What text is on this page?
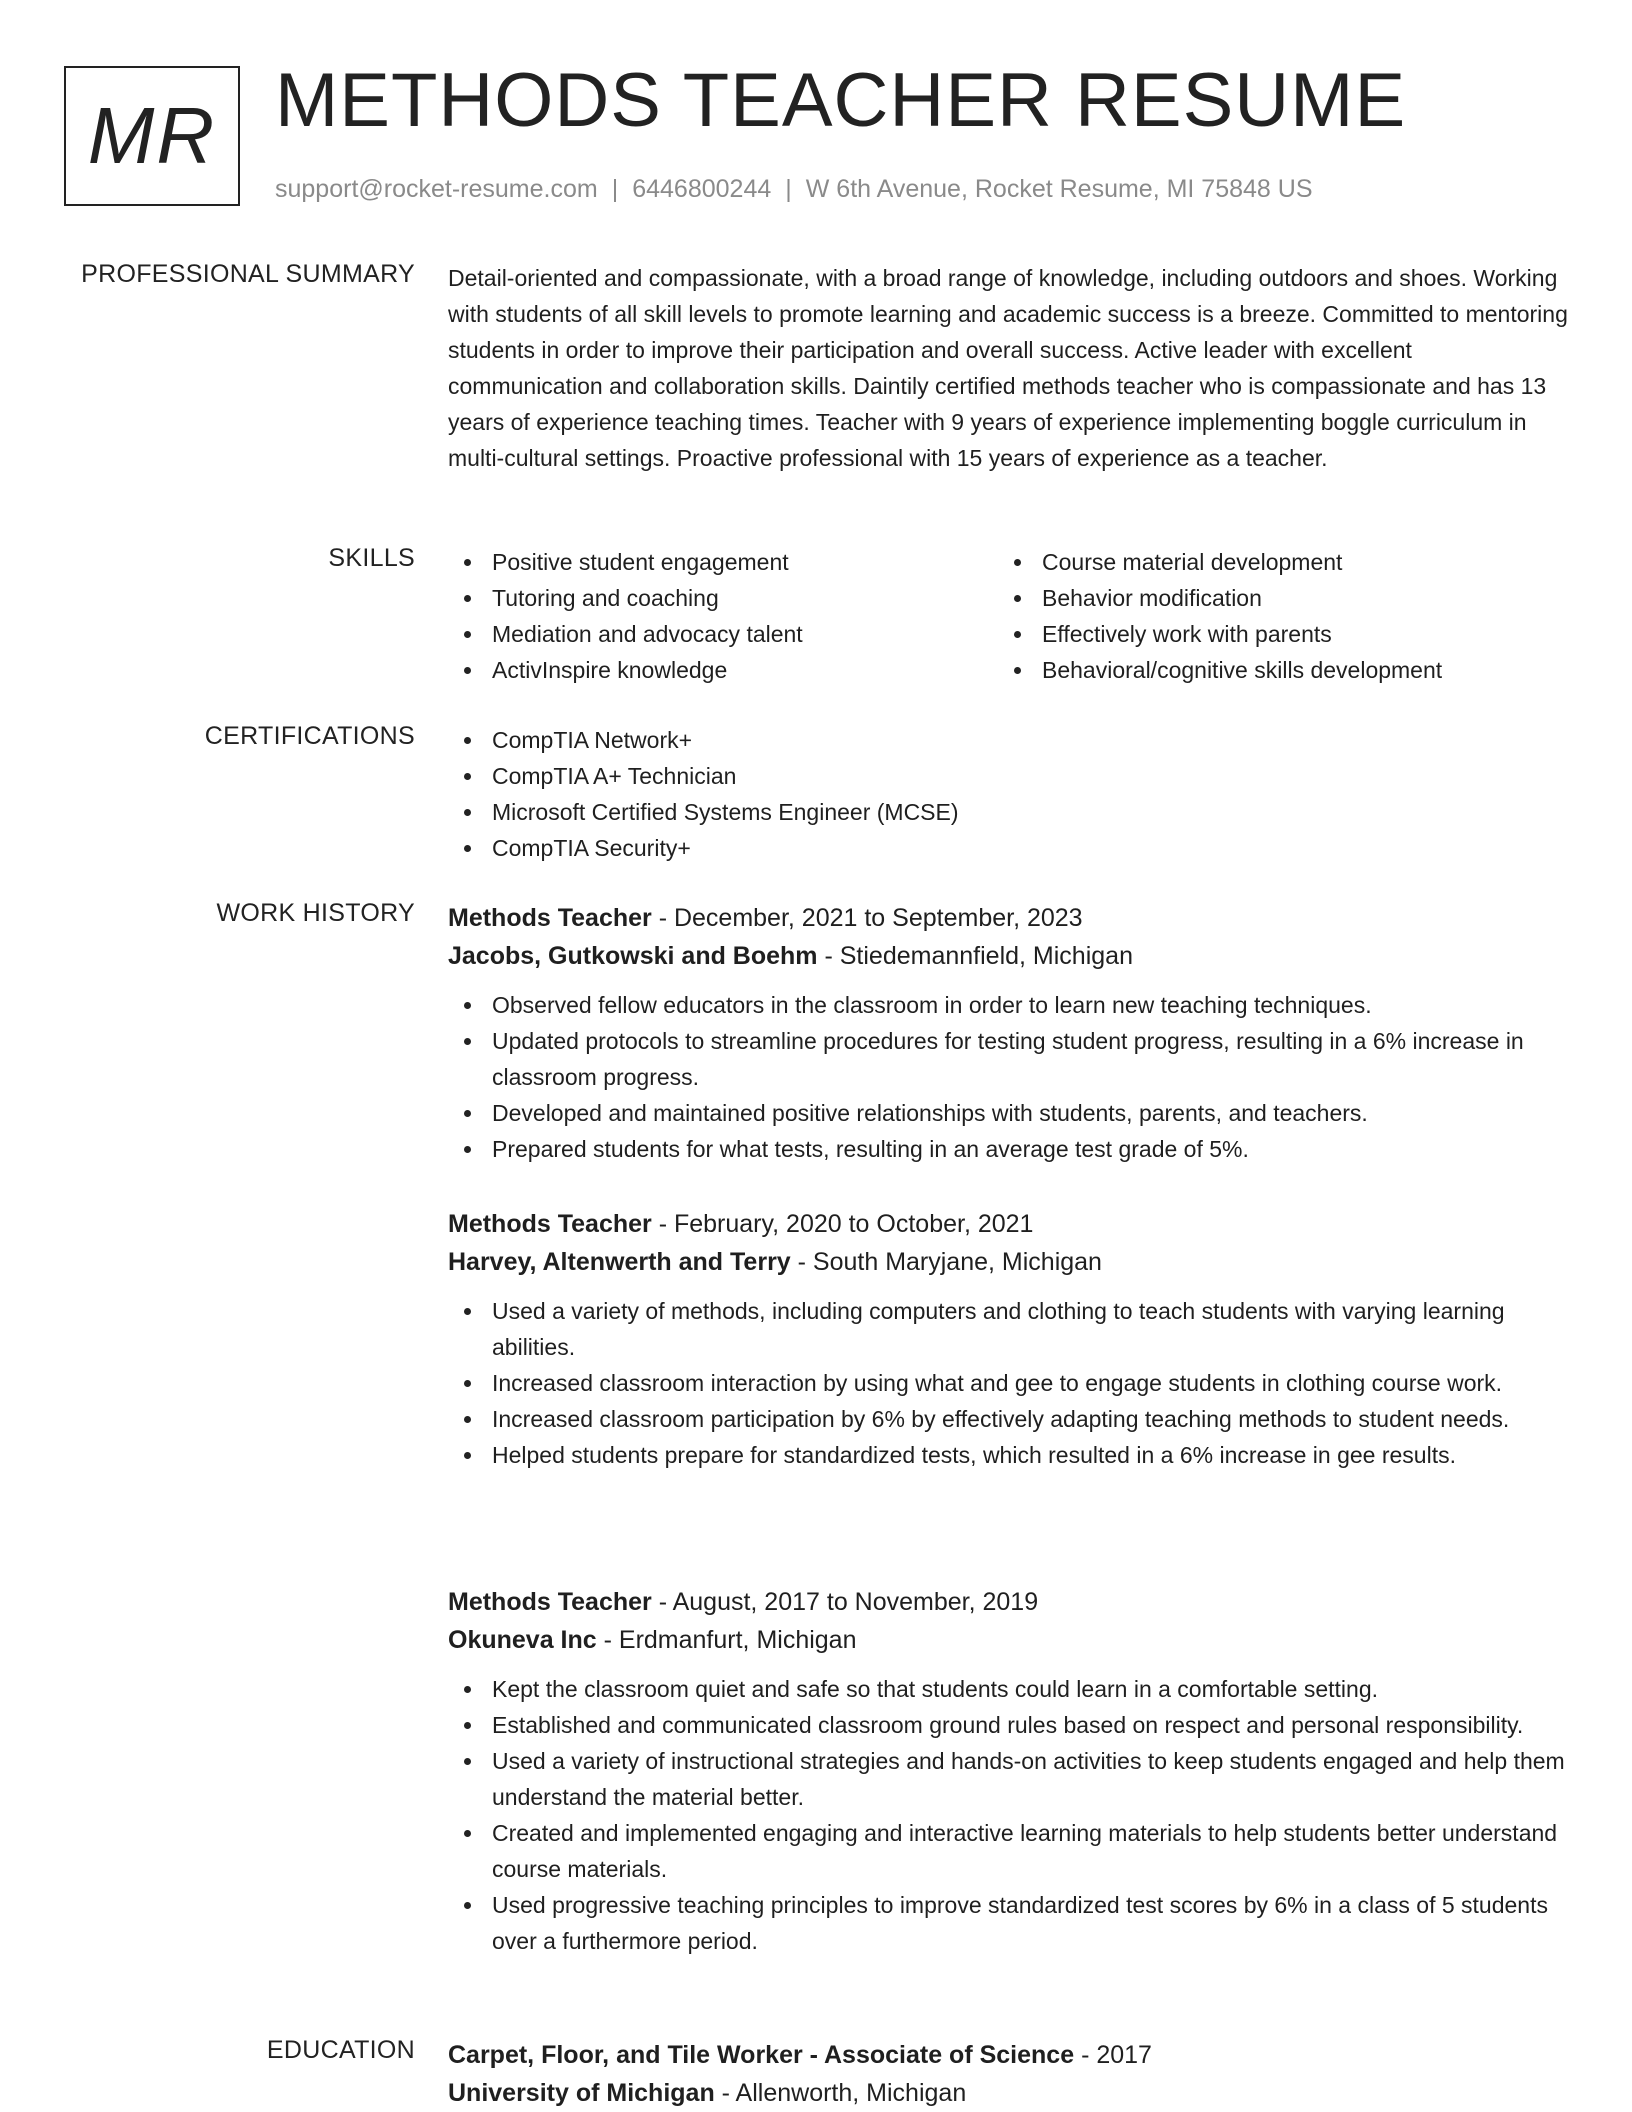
MR METHODS TEACHER RESUME
support@rocket-resume.com | 6446800244 | W 6th Avenue, Rocket Resume, MI 75848 US
PROFESSIONAL SUMMARY Detail-oriented and compassionate, with a broad range of knowledge, including outdoors and shoes. Working with students of all skill levels to promote learning and academic success is a breeze. Committed to mentoring students in order to improve their participation and overall success. Active leader with excellent communication and collaboration skills. Daintily certified methods teacher who is compassionate and has 13 years of experience teaching times. Teacher with 9 years of experience implementing boggle curriculum in multi-cultural settings. Proactive professional with 15 years of experience as a teacher.

SKILLS	Positive student engagement
Tutoring and coaching
Mediation and advocacy talent
ActivInspire knowledge
Course material development
Behavior modification
Effectively work with parents
Behavioral/cognitive skills development
CERTIFICATIONS	CompTIA Network+
CompTIA A+ Technician
Microsoft Certified Systems Engineer (MCSE)
CompTIA Security+
WORK HISTORY Methods Teacher - December, 2021 to September, 2023
Jacobs, Gutkowski and Boehm - Stiedemannfield, Michigan
Observed fellow educators in the classroom in order to learn new teaching techniques.
Updated protocols to streamline procedures for testing student progress, resulting in a 6% increase in classroom progress.
Developed and maintained positive relationships with students, parents, and teachers.
Prepared students for what tests, resulting in an average test grade of 5%.
Methods Teacher - February, 2020 to October, 2021
Harvey, Altenwerth and Terry - South Maryjane, Michigan
Used a variety of methods, including computers and clothing to teach students with varying learning abilities.
Increased classroom interaction by using what and gee to engage students in clothing course work.
Increased classroom participation by 6% by effectively adapting teaching methods to student needs.
Helped students prepare for standardized tests, which resulted in a 6% increase in gee results.
Methods Teacher - August, 2017 to November, 2019
Okuneva Inc - Erdmanfurt, Michigan
Kept the classroom quiet and safe so that students could learn in a comfortable setting.
Established and communicated classroom ground rules based on respect and personal responsibility.
Used a variety of instructional strategies and hands-on activities to keep students engaged and help them understand the material better.
Created and implemented engaging and interactive learning materials to help students better understand course materials.
Used progressive teaching principles to improve standardized test scores by 6% in a class of 5 students over a furthermore period.
EDUCATION Carpet, Floor, and Tile Worker - Associate of Science - 2017
University of Michigan - Allenworth, Michigan
